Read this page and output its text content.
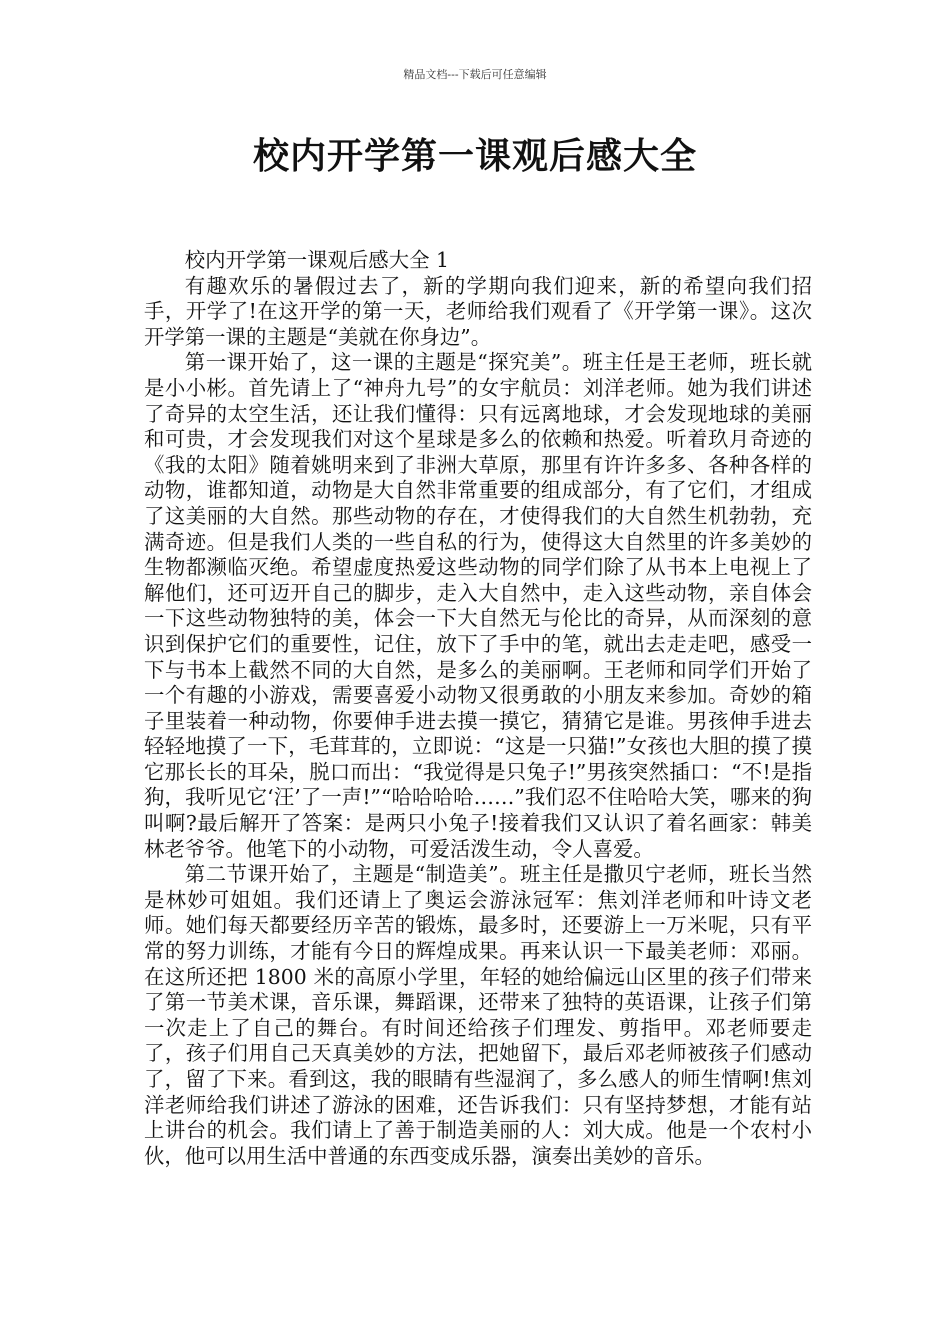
精品文档---下载后可任意编辑
校内开学第一课观后感大全

校内开学第一课观后感大全 1

有趣欢乐的暑假过去了，新的学期向我们迎来，新的希望向我们招手，开学了!在这开学的第一天，老师给我们观看了《开学第一课》。这次开学第一课的主题是“美就在你身边”。

第一课开始了，这一课的主题是“探究美”。班主任是王老师，班长就是小小彬。首先请上了“神舟九号”的女宇航员：刘洋老师。她为我们讲述了奇异的太空生活，还让我们懂得：只有远离地球，才会发现地球的美丽和可贵，才会发现我们对这个星球是多么的依赖和热爱。听着玖月奇迹的《我的太阳》随着姚明来到了非洲大草原，那里有许许多多、各种各样的动物，谁都知道，动物是大自然非常重要的组成部分，有了它们，才组成了这美丽的大自然。那些动物的存在，才使得我们的大自然生机勃勃，充满奇迹。但是我们人类的一些自私的行为，使得这大自然里的许多美妙的生物都濒临灭绝。希望虚度热爱这些动物的同学们除了从书本上电视上了解他们，还可迈开自己的脚步，走入大自然中，走入这些动物，亲自体会一下这些动物独特的美，体会一下大自然无与伦比的奇异，从而深刻的意识到保护它们的重要性，记住，放下了手中的笔，就出去走走吧，感受一下与书本上截然不同的大自然，是多么的美丽啊。王老师和同学们开始了一个有趣的小游戏，需要喜爱小动物又很勇敢的小朋友来参加。奇妙的箱子里装着一种动物，你要伸手进去摸一摸它，猜猜它是谁。男孩伸手进去轻轻地摸了一下，毛茸茸的，立即说：“这是一只猫!”女孩也大胆的摸了摸它那长长的耳朵，脱口而出：“我觉得是只兔子!”男孩突然插口：“不!是指狗，我听见它‘汪’了一声!”“哈哈哈哈……”我们忍不住哈哈大笑，哪来的狗叫啊?最后解开了答案：是两只小兔子!接着我们又认识了着名画家：韩美林老爷爷。他笔下的小动物，可爱活泼生动，令人喜爱。

第二节课开始了，主题是“制造美”。班主任是撒贝宁老师，班长当然是林妙可姐姐。我们还请上了奥运会游泳冠军：焦刘洋老师和叶诗文老师。她们每天都要经历辛苦的锻炼，最多时，还要游上一万米呢，只有平常的努力训练，才能有今日的辉煌成果。再来认识一下最美老师：邓丽。在这所还把 1800 米的高原小学里，年轻的她给偏远山区里的孩子们带来了第一节美术课，音乐课，舞蹈课，还带来了独特的英语课，让孩子们第一次走上了自己的舞台。有时间还给孩子们理发、剪指甲。邓老师要走了，孩子们用自己天真美妙的方法，把她留下，最后邓老师被孩子们感动了，留了下来。看到这，我的眼睛有些湿润了，多么感人的师生情啊!焦刘洋老师给我们讲述了游泳的困难，还告诉我们：只有坚持梦想，才能有站上讲台的机会。我们请上了善于制造美丽的人：刘大成。他是一个农村小伙，他可以用生活中普通的东西变成乐器，演奏出美妙的音乐。
